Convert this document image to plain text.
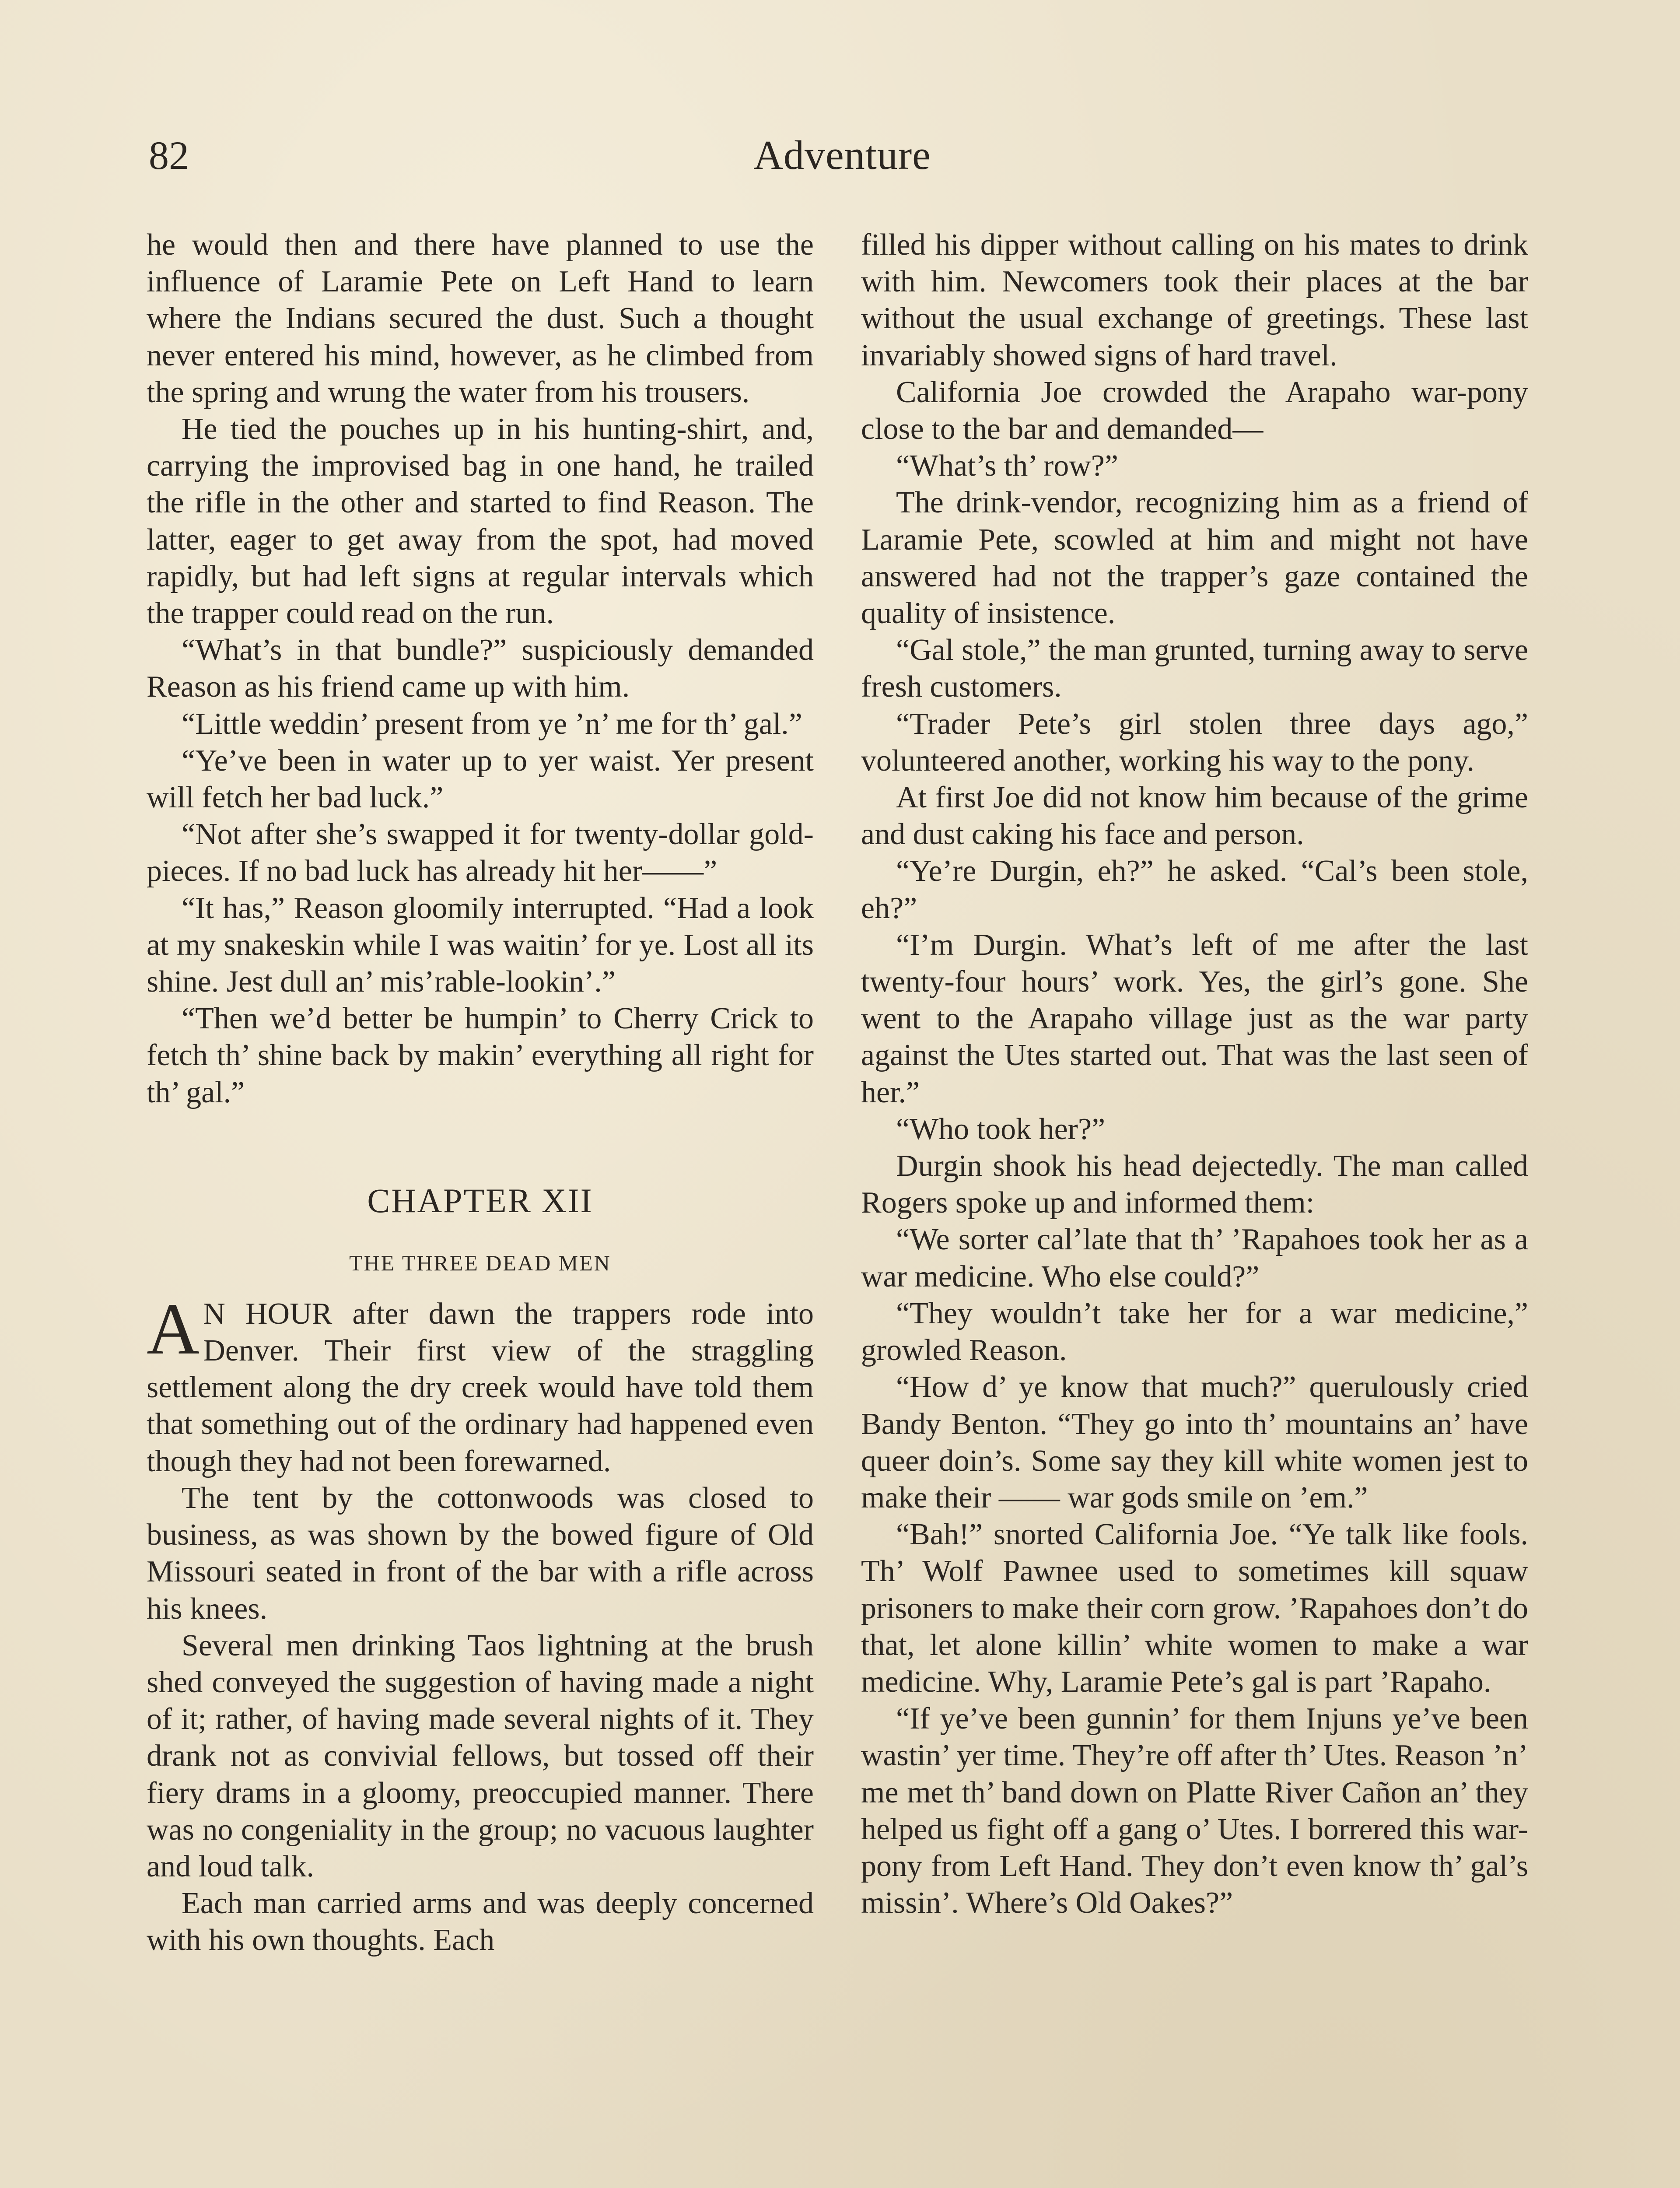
82	Adventure

he would then and there have planned to use the influence of Laramie Pete on Left Hand to learn where the Indians secured the dust. Such a thought never entered his mind, however, as he climbed from the spring and wrung the water from his trousers.

He tied the pouches up in his hunting-shirt, and, carrying the improvised bag in one hand, he trailed the rifle in the other and started to find Reason. The latter, eager to get away from the spot, had moved rapidly, but had left signs at regular intervals which the trapper could read on the run.

“What’s in that bundle?” suspiciously demanded Reason as his friend came up with him.

“Little weddin’ present from ye ’n’ me for th’ gal.”

“Ye’ve been in water up to yer waist. Yer present will fetch her bad luck.”

“Not after she’s swapped it for twenty-dollar gold-pieces. If no bad luck has already hit her——”

“It has,” Reason gloomily interrupted. “Had a look at my snakeskin while I was waitin’ for ye. Lost all its shine. Jest dull an’ mis’rable-lookin’.”

“Then we’d better be humpin’ to Cherry Crick to fetch th’ shine back by makin’ everything all right for th’ gal.”

CHAPTER XII
THE THREE DEAD MEN

A N HOUR after dawn the trappers rode into Denver. Their first view of the straggling settlement along the dry creek would have told them that something out of the ordinary had happened even though they had not been forewarned.

The tent by the cottonwoods was closed to business, as was shown by the bowed figure of Old Missouri seated in front of the bar with a rifle across his knees.

Several men drinking Taos lightning at the brush shed conveyed the suggestion of having made a night of it; rather, of having made several nights of it. They drank not as convivial fellows, but tossed off their fiery drams in a gloomy, preoccupied manner. There was no congeniality in the group; no vacuous laughter and loud talk.

Each man carried arms and was deeply concerned with his own thoughts. Each

filled his dipper without calling on his mates to drink with him. Newcomers took their places at the bar without the usual exchange of greetings. These last invariably showed signs of hard travel.

California Joe crowded the Arapaho war-pony close to the bar and demanded—

“What’s th’ row?”

The drink-vendor, recognizing him as a friend of Laramie Pete, scowled at him and might not have answered had not the trapper’s gaze contained the quality of insistence.

“Gal stole,” the man grunted, turning away to serve fresh customers.

“Trader Pete’s girl stolen three days ago,” volunteered another, working his way to the pony.

At first Joe did not know him because of the grime and dust caking his face and person.

“Ye’re Durgin, eh?” he asked. “Cal’s been stole, eh?”

“I’m Durgin. What’s left of me after the last twenty-four hours’ work. Yes, the girl’s gone. She went to the Arapaho village just as the war party against the Utes started out. That was the last seen of her.”

“Who took her?”

Durgin shook his head dejectedly. The man called Rogers spoke up and informed them:

“We sorter cal’late that th’ ’Rapahoes took her as a war medicine. Who else could?”

“They wouldn’t take her for a war medicine,” growled Reason.

“How d’ ye know that much?” querulously cried Bandy Benton. “They go into th’ mountains an’ have queer doin’s. Some say they kill white women jest to make their —— war gods smile on ’em.”

“Bah!” snorted California Joe. “Ye talk like fools. Th’ Wolf Pawnee used to sometimes kill squaw prisoners to make their corn grow. ’Rapahoes don’t do that, let alone killin’ white women to make a war medicine. Why, Laramie Pete’s gal is part ’Rapaho.

“If ye’ve been gunnin’ for them Injuns ye’ve been wastin’ yer time. They’re off after th’ Utes. Reason ’n’ me met th’ band down on Platte River Cañon an’ they helped us fight off a gang o’ Utes. I borrered this war-pony from Left Hand. They don’t even know th’ gal’s missin’. Where’s Old Oakes?”
